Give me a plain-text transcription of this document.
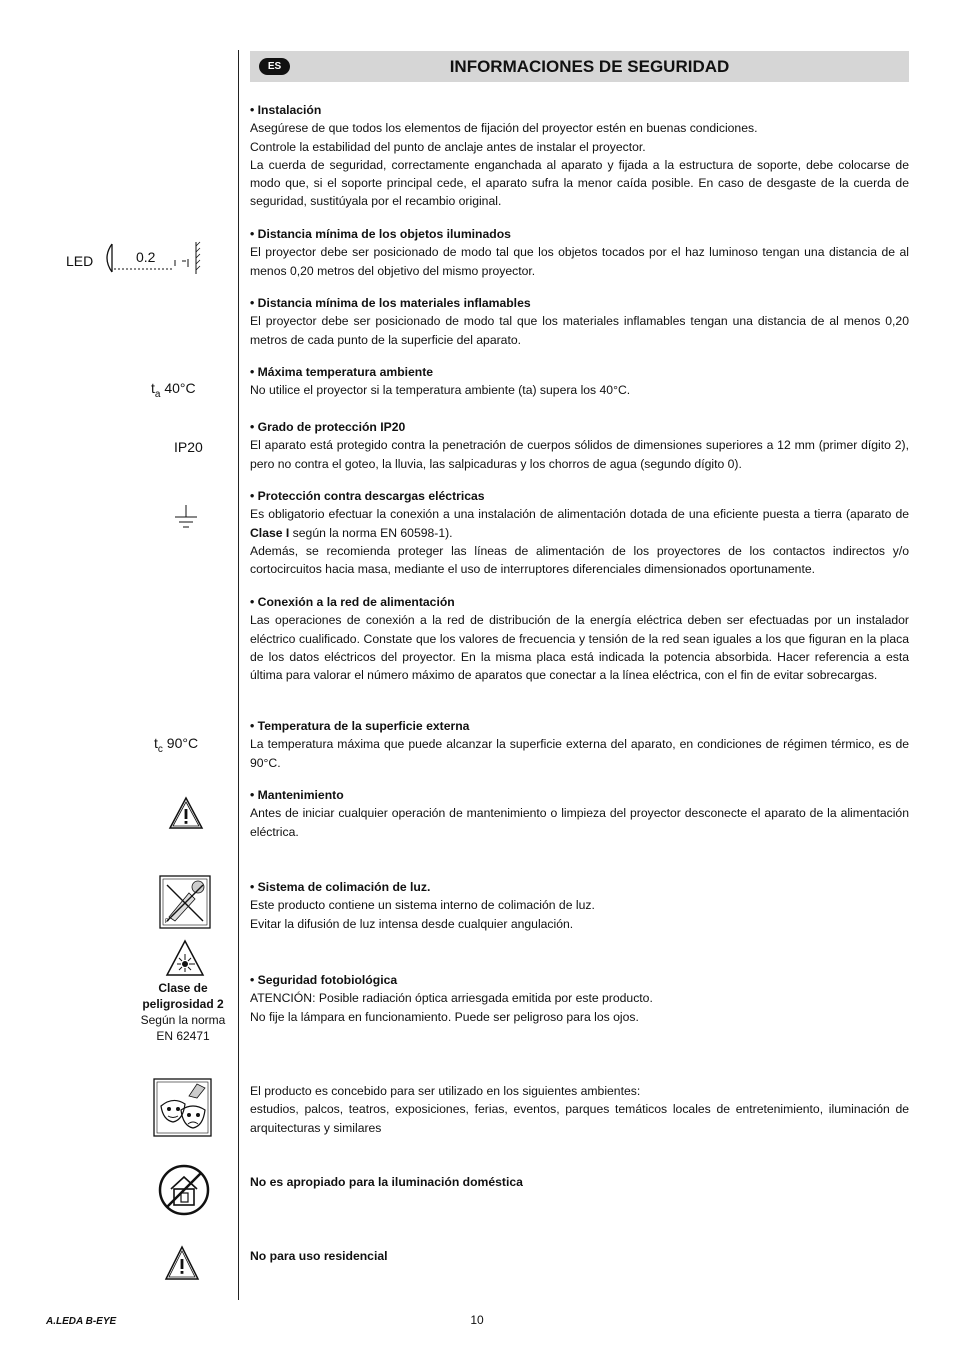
ES	INFORMACIONES DE SEGURIDAD
LED	0.2
$t_a$ 40°C
IP20
$t_c$ 90°C
P
Clase de
peligrosidad 2
Según la norma
EN 62471
• Instalación

Asegúrese de que todos los elementos de fijación del proyector estén en buenas condiciones.

Controle la estabilidad del punto de anclaje antes de instalar el proyector.

La cuerda de seguridad, correctamente enganchada al aparato y fijada a la estructura de soporte, debe colocarse de modo que, si el soporte principal cede, el aparato sufra la menor caída posible. En caso de desgaste de la cuerda de seguridad, sustitúyala por el recambio original.

• Distancia mínima de los objetos iluminados

El proyector debe ser posicionado de modo tal que los objetos tocados por el haz luminoso tengan una distancia de al menos 0,20 metros del objetivo del mismo proyector.

• Distancia mínima de los materiales inflamables

El proyector debe ser posicionado de modo tal que los materiales inflamables tengan una distancia de al menos 0,20 metros de cada punto de la superficie del aparato.

• Máxima temperatura ambiente

No utilice el proyector si la temperatura ambiente (ta) supera los 40°C.

• Grado de protección IP20

El aparato está protegido contra la penetración de cuerpos sólidos de dimensiones superiores a 12 mm (primer dígito 2), pero no contra el goteo, la lluvia, las salpicaduras y los chorros de agua (segundo dígito 0).

• Protección contra descargas eléctricas

Es obligatorio efectuar la conexión a una instalación de alimentación dotada de una eficiente puesta a tierra (aparato de Clase I según la norma EN 60598-1).

Además, se recomienda proteger las líneas de alimentación de los proyectores de los contactos indirectos y/o cortocircuitos hacia masa, mediante el uso de interruptores diferenciales dimensionados oportunamente.

• Conexión a la red de alimentación

Las operaciones de conexión a la red de distribución de la energía eléctrica deben ser efectuadas por un instalador eléctrico cualificado. Constate que los valores de frecuencia y tensión de la red sean iguales a los que figuran en la placa de los datos eléctricos del proyector. En la misma placa está indicada la potencia absorbida. Hacer referencia a esta última para valorar el número máximo de aparatos que conectar a la línea eléctrica, con el fin de evitar sobrecargas.

• Temperatura de la superficie externa

La temperatura máxima que puede alcanzar la superficie externa del aparato, en condiciones de régimen térmico, es de 90°C.

• Mantenimiento

Antes de iniciar cualquier operación de mantenimiento o limpieza del proyector desconecte el aparato de la alimentación eléctrica.

• Sistema de colimación de luz.

Este producto contiene un sistema interno de colimación de luz.

Evitar la difusión de luz intensa desde cualquier angulación.

• Seguridad fotobiológica

ATENCIÓN: Posible radiación óptica arriesgada emitida por este producto.

No fije la lámpara en funcionamiento. Puede ser peligroso para los ojos.

El producto es concebido para ser utilizado en los siguientes ambientes:

estudios, palcos, teatros, exposiciones, ferias, eventos, parques temáticos locales de entretenimiento, iluminación de arquitecturas y similares

No es apropiado para la iluminación doméstica
No para uso residencial
A.LEDA B-EYE	10
